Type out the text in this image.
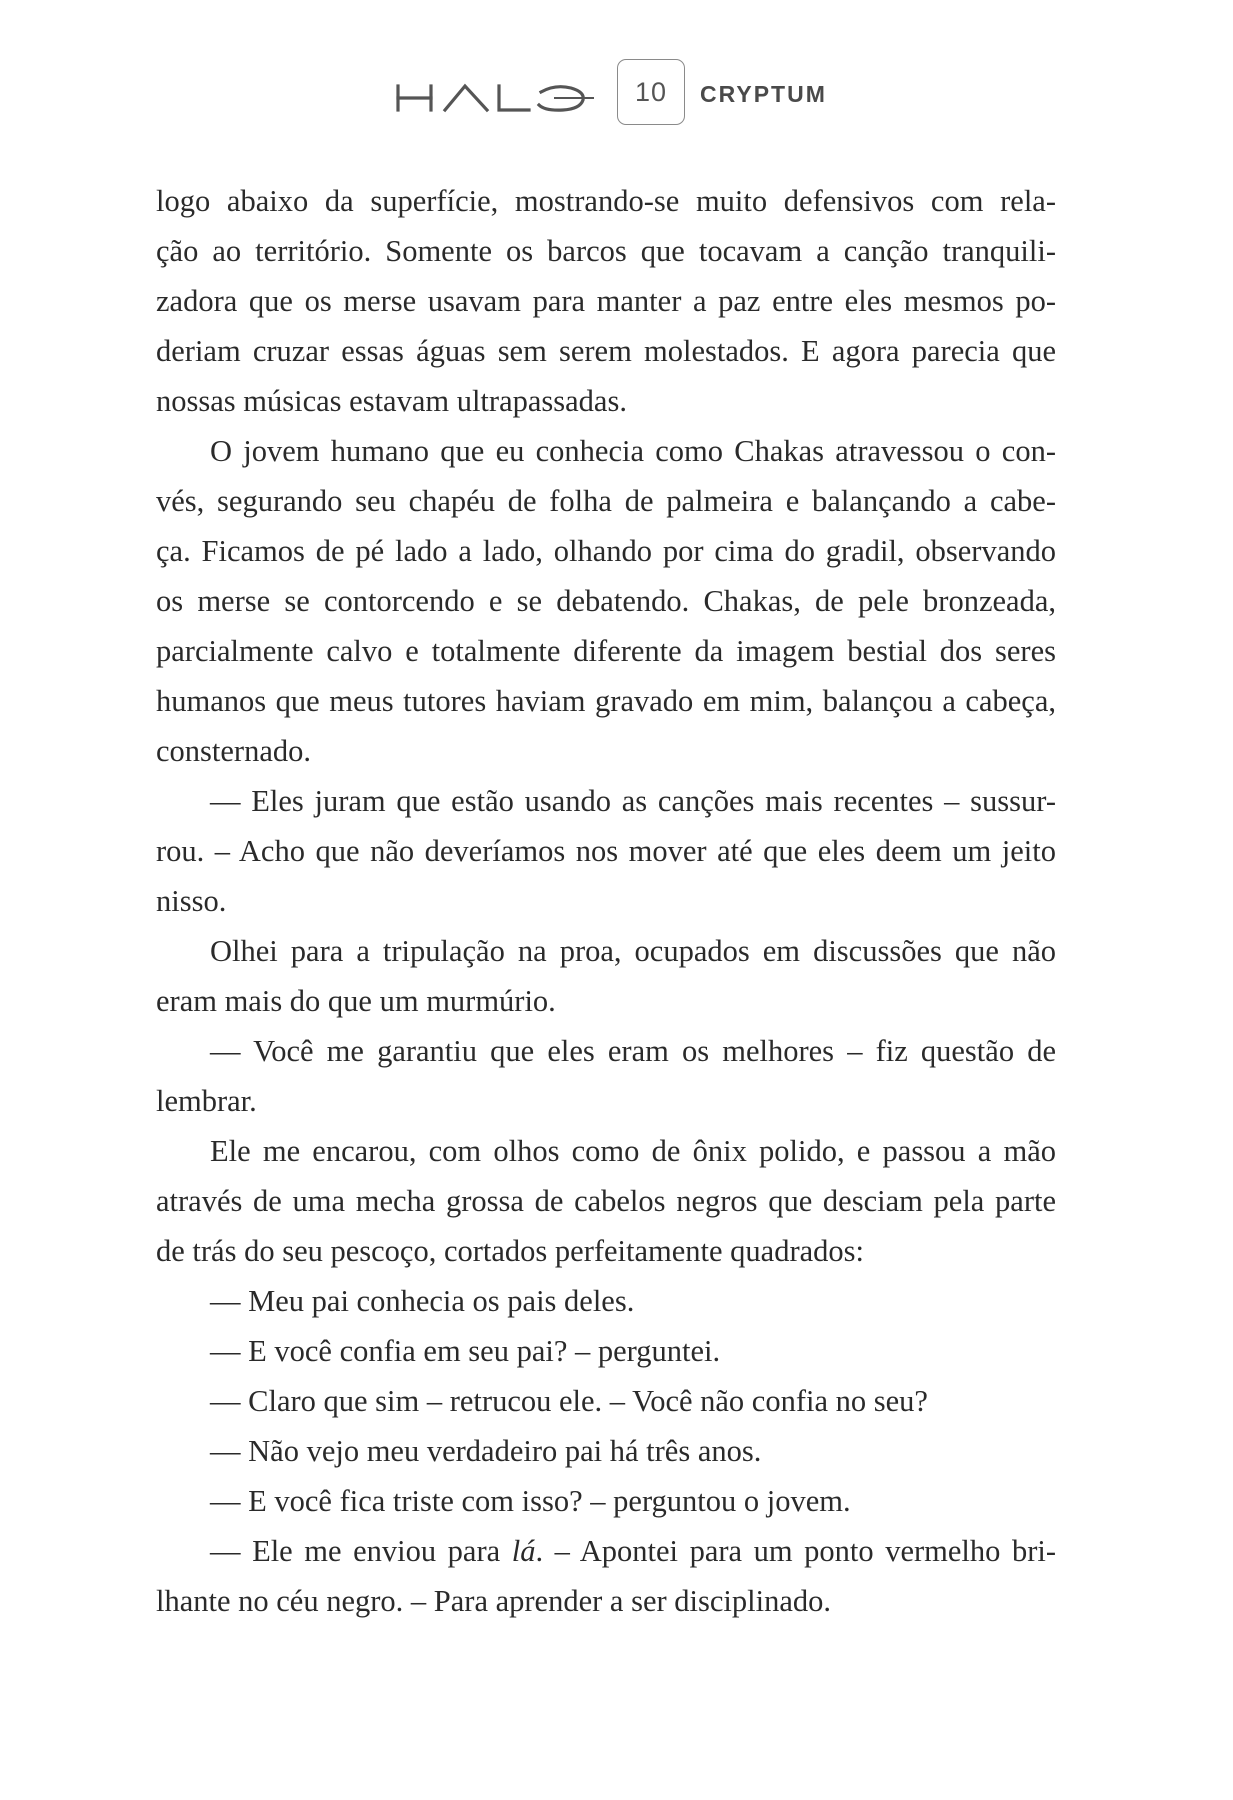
10	CRYPTUM
logo abaixo da superfície, mostrando-se muito defensivos com rela-
ção ao território. Somente os barcos que tocavam a canção tranquili-
zadora que os merse usavam para manter a paz entre eles mesmos po-
deriam cruzar essas águas sem serem molestados. E agora parecia que
nossas músicas estavam ultrapassadas.
O jovem humano que eu conhecia como Chakas atravessou o con-
vés, segurando seu chapéu de folha de palmeira e balançando a cabe-
ça. Ficamos de pé lado a lado, olhando por cima do gradil, observando
os merse se contorcendo e se debatendo. Chakas, de pele bronzeada,
parcialmente calvo e totalmente diferente da imagem bestial dos seres
humanos que meus tutores haviam gravado em mim, balançou a cabeça,
consternado.
— Eles juram que estão usando as canções mais recentes – sussur-
rou. – Acho que não deveríamos nos mover até que eles deem um jeito
nisso.
Olhei para a tripulação na proa, ocupados em discussões que não
eram mais do que um murmúrio.
— Você me garantiu que eles eram os melhores – fiz questão de
lembrar.
Ele me encarou, com olhos como de ônix polido, e passou a mão
através de uma mecha grossa de cabelos negros que desciam pela parte
de trás do seu pescoço, cortados perfeitamente quadrados:
— Meu pai conhecia os pais deles.
— E você confia em seu pai? – perguntei.
— Claro que sim – retrucou ele. – Você não confia no seu?
— Não vejo meu verdadeiro pai há três anos.
— E você fica triste com isso? – perguntou o jovem.
— Ele me enviou para lá. – Apontei para um ponto vermelho bri-
lhante no céu negro. – Para aprender a ser disciplinado.
